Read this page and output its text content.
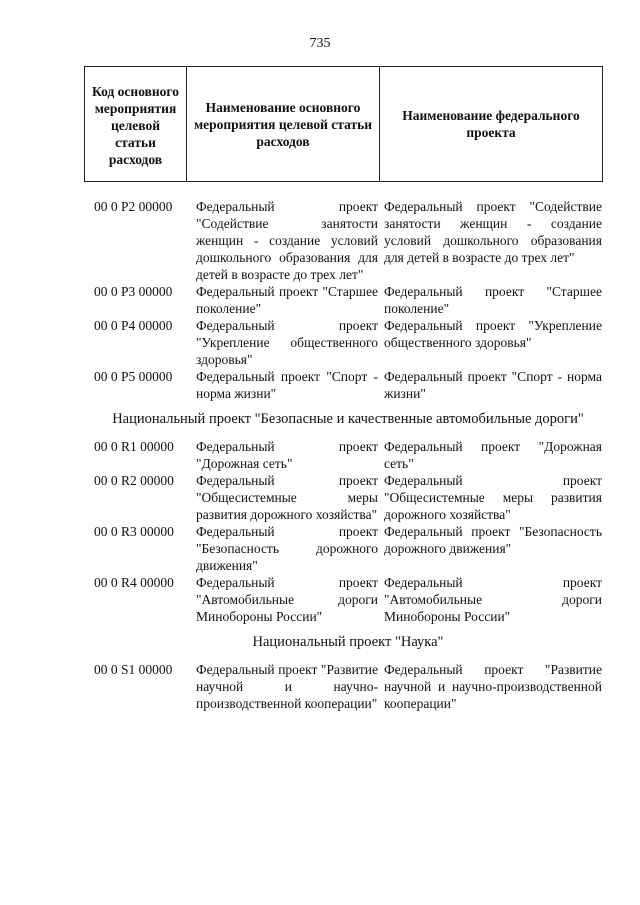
735
Код основного мероприятия целевой статьи расходов	Наименование основного мероприятия целевой статьи расходов	Наименование федерального проекта
00 0 P2 00000	Федеральный проект "Содействие занятости женщин - создание условий дошкольного образования для детей в возрасте до трех лет"	Федеральный проект "Содействие занятости женщин - создание условий дошкольного образования для детей в возрасте до трех лет"
00 0 P3 00000	Федеральный проект "Старшее поколение"	Федеральный проект "Старшее поколение"
00 0 P4 00000	Федеральный проект "Укрепление общественного здоровья"	Федеральный проект "Укрепление общественного здоровья"
00 0 P5 00000	Федеральный проект "Спорт - норма жизни"	Федеральный проект "Спорт - норма жизни"
Национальный проект "Безопасные и качественные автомобильные дороги"		
00 0 R1 00000	Федеральный проект "Дорожная сеть"	Федеральный проект "Дорожная сеть"
00 0 R2 00000	Федеральный проект "Общесистемные меры развития дорожного хозяйства"	Федеральный проект "Общесистемные меры развития дорожного хозяйства"
00 0 R3 00000	Федеральный проект "Безопасность дорожного движения"	Федеральный проект "Безопасность дорожного движения"
00 0 R4 00000	Федеральный проект "Автомобильные дороги Минобороны России"	Федеральный проект "Автомобильные дороги Минобороны России"
Национальный проект "Наука"		
00 0 S1 00000	Федеральный проект "Развитие научной и научно-производственной кооперации"	Федеральный проект "Развитие научной и научно-производственной кооперации"
